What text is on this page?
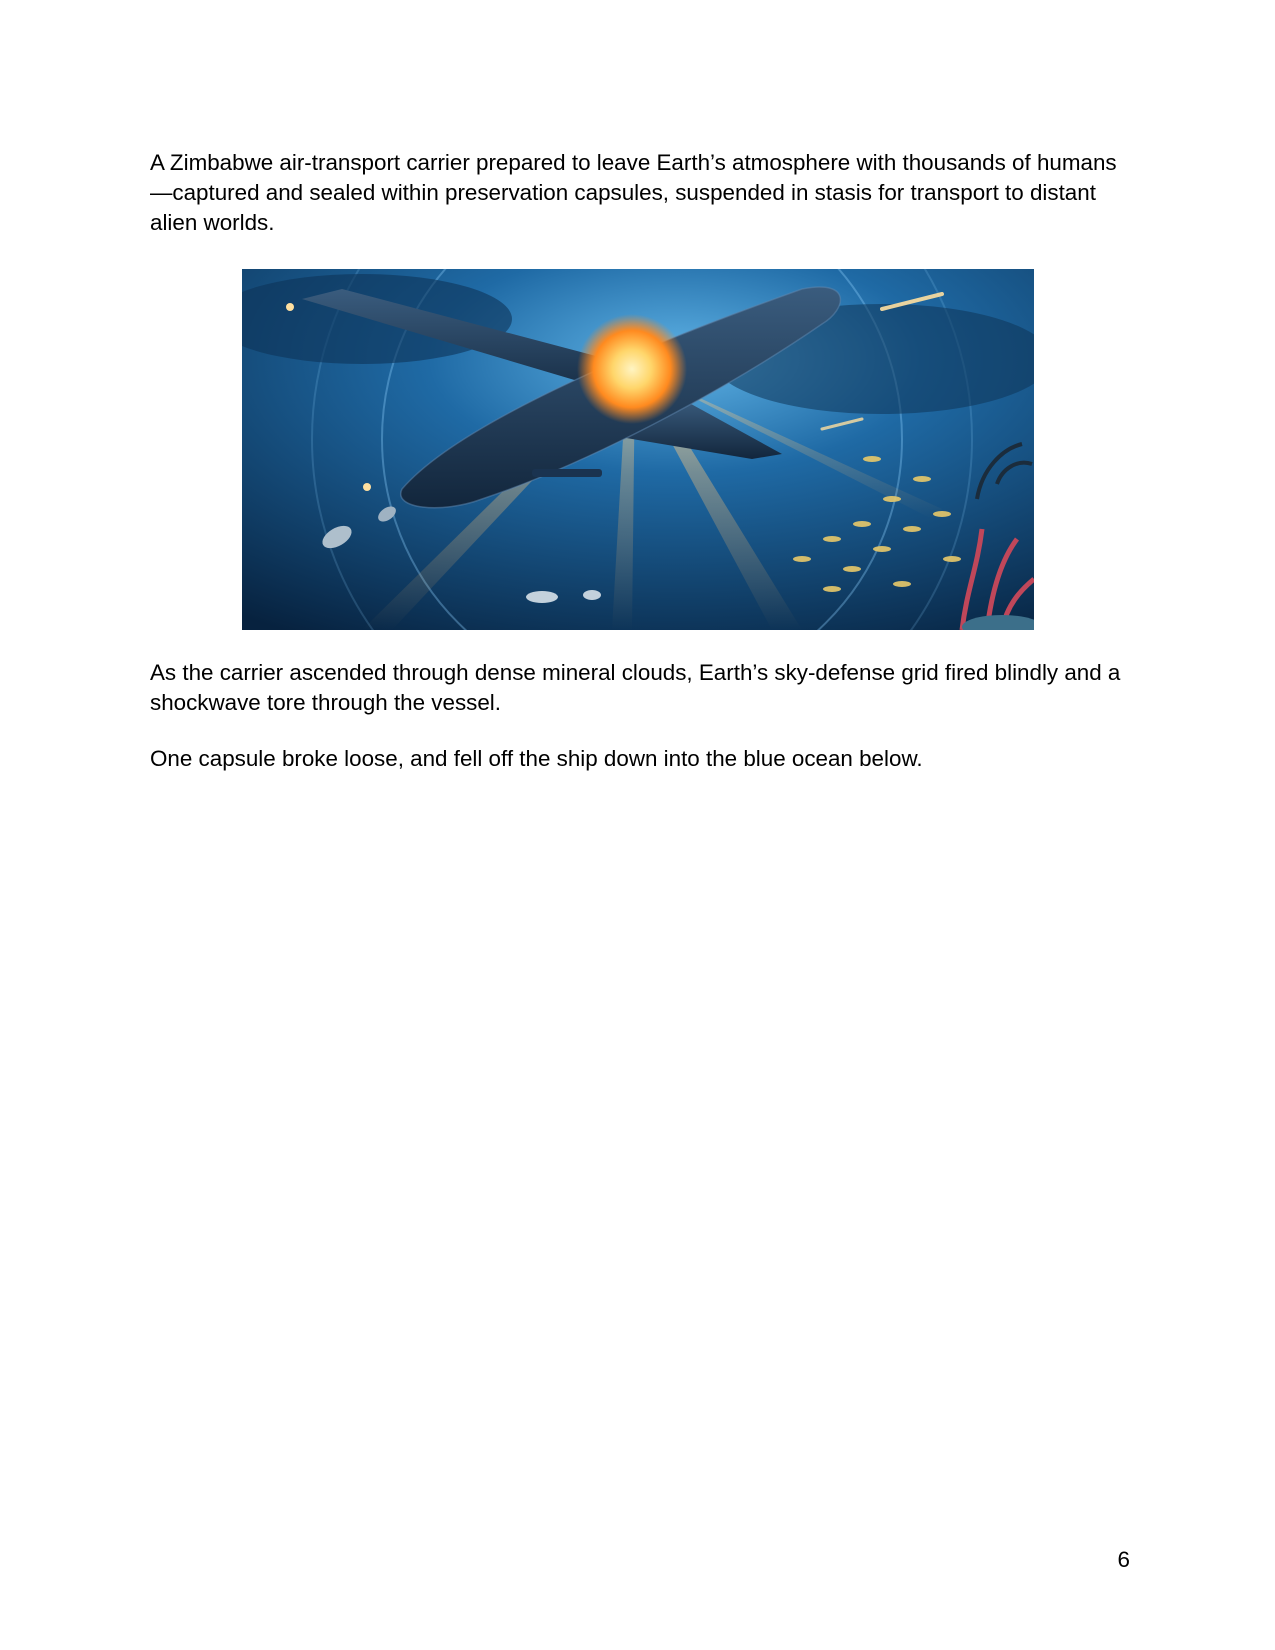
A Zimbabwe air-transport carrier prepared to leave Earth’s atmosphere with thousands of humans—captured and sealed within preservation capsules, suspended in stasis for transport to distant alien worlds.

As the carrier ascended through dense mineral clouds, Earth’s sky-defense grid fired blindly and a shockwave tore through the vessel.

One capsule broke loose, and fell off the ship down into the blue ocean below.

6
